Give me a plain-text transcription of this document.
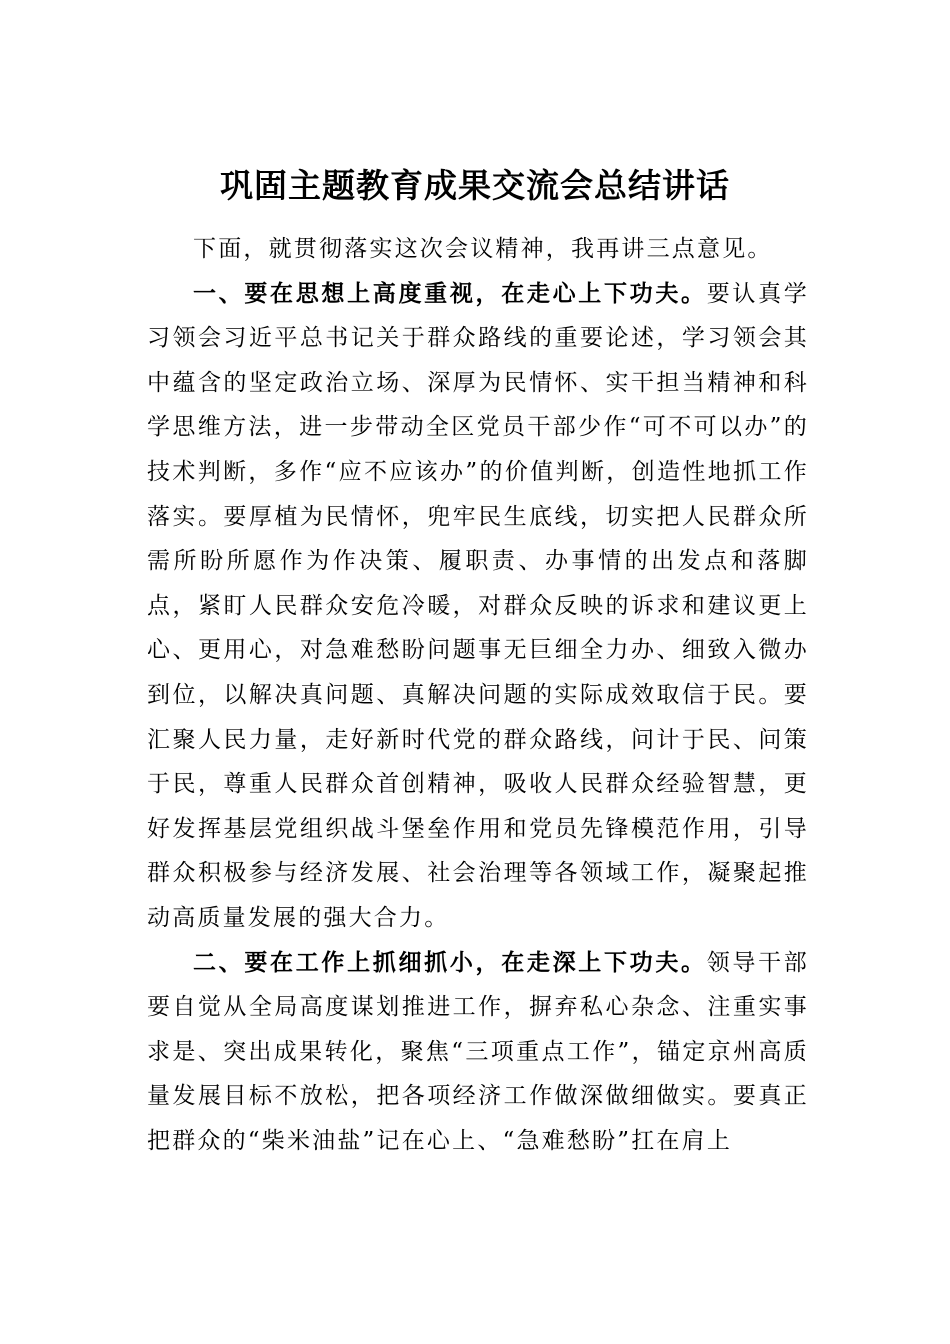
巩固主题教育成果交流会总结讲话

下面，就贯彻落实这次会议精神，我再讲三点意见。

一、要在思想上高度重视，在走心上下功夫。要认真学习领会习近平总书记关于群众路线的重要论述，学习领会其中蕴含的坚定政治立场、深厚为民情怀、实干担当精神和科学思维方法，进一步带动全区党员干部少作“可不可以办”的技术判断，多作“应不应该办”的价值判断，创造性地抓工作落实。要厚植为民情怀，兜牢民生底线，切实把人民群众所需所盼所愿作为作决策、履职责、办事情的出发点和落脚点，紧盯人民群众安危冷暖，对群众反映的诉求和建议更上心、更用心，对急难愁盼问题事无巨细全力办、细致入微办到位，以解决真问题、真解决问题的实际成效取信于民。要汇聚人民力量，走好新时代党的群众路线，问计于民、问策于民，尊重人民群众首创精神，吸收人民群众经验智慧，更好发挥基层党组织战斗堡垒作用和党员先锋模范作用，引导群众积极参与经济发展、社会治理等各领域工作，凝聚起推动高质量发展的强大合力。

二、要在工作上抓细抓小，在走深上下功夫。领导干部要自觉从全局高度谋划推进工作，摒弃私心杂念、注重实事求是、突出成果转化，聚焦“三项重点工作”，锚定京州高质量发展目标不放松，把各项经济工作做深做细做实。要真正把群众的“柴米油盐”记在心上、“急难愁盼”扛在肩上
